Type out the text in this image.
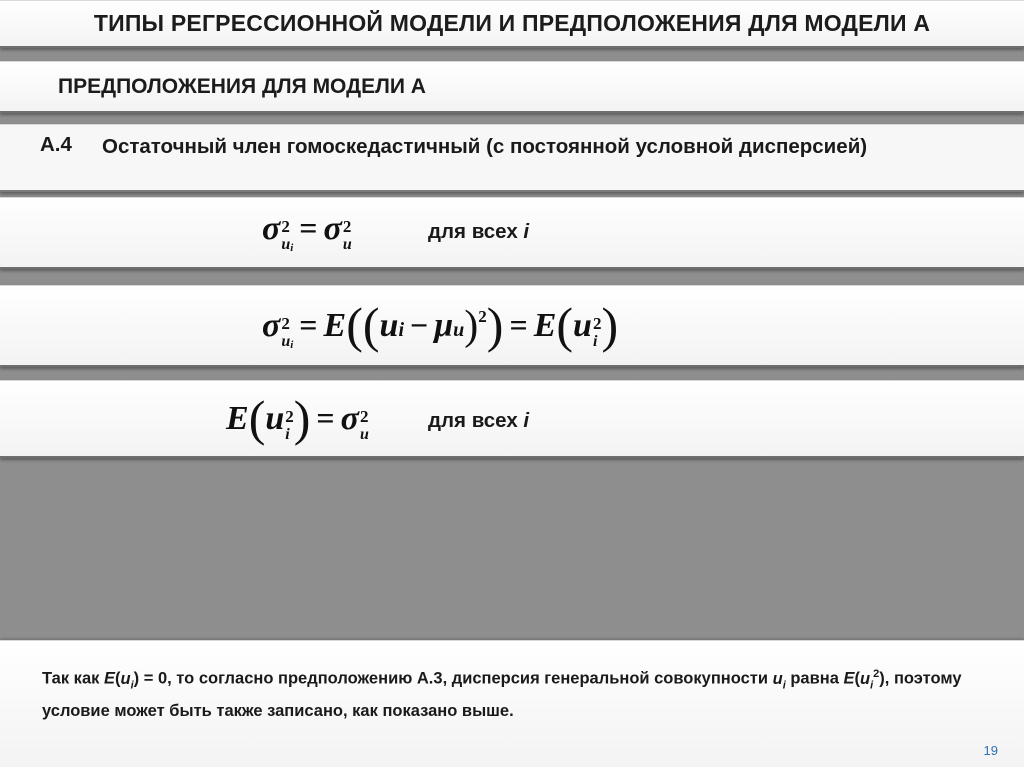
ТИПЫ РЕГРЕССИОННОЙ МОДЕЛИ И ПРЕДПОЛОЖЕНИЯ ДЛЯ МОДЕЛИ А
ПРЕДПОЛОЖЕНИЯ ДЛЯ МОДЕЛИ А
А.4 Остаточный член гомоскедастичный (с постоянной условной дисперсией)
σ 2
$u_i$
= σ 2
u
для всех i
σ 2
$u_i$
= E((ui − μu)2) = E(u 2
i )
E(u 2
i ) = σ 2
u
для всех i
Так как $E(u_i) = 0$, то согласно предположению А.3, дисперсия генеральной совокупности $u_i$ равна $E(u_i^2)$, поэтому условие может быть также записано, как показано выше.
19
